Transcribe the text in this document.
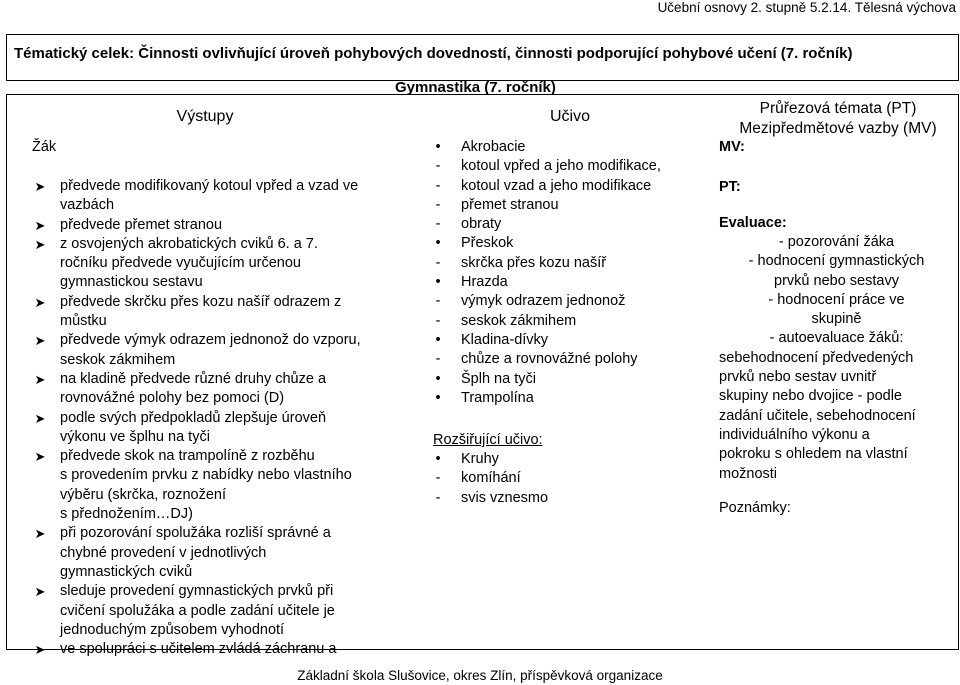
Učební osnovy 2. stupně 5.2.14. Tělesná výchova
Tématický celek: Činnosti ovlivňující úroveň pohybových dovedností, činnosti podporující pohybové učení (7. ročník)
Gymnastika (7. ročník)
Výstupy	Učivo	Průřezová témata (PT)
Mezipředmětové vazby (MV)
Žák
➤ předvede modifikovaný kotoul vpřed a vzad ve
vazbách
➤ předvede přemet stranou
➤ z osvojených akrobatických cviků 6. a 7.
ročníku předvede vyučujícím určenou
gymnastickou sestavu
➤ předvede skrčku přes kozu našíř odrazem z
můstku
➤ předvede výmyk odrazem jednonož do vzporu,
seskok zákmihem
➤ na kladině předvede různé druhy chůze a
rovnovážné polohy bez pomoci (D)
➤ podle svých předpokladů zlepšuje úroveň
výkonu ve šplhu na tyči
➤ předvede skok na trampolíně z rozběhu
s provedením prvku z nabídky nebo vlastního
výběru (skrčka, roznožení
s přednožením…DJ)
➤ při pozorování spolužáka rozliší správné a
chybné provedení v jednotlivých
gymnastických cviků
➤ sleduje provedení gymnastických prvků při
cvičení spolužáka a podle zadání učitele je
jednoduchým způsobem vyhodnotí
➤ ve spolupráci s učitelem zvládá záchranu a
• Akrobacie
- kotoul vpřed a jeho modifikace,
- kotoul vzad a jeho modifikace
- přemet stranou
- obraty
• Přeskok
- skrčka přes kozu našíř
• Hrazda
- výmyk odrazem jednonož
- seskok zákmihem
• Kladina-dívky
- chůze a rovnovážné polohy
• Šplh na tyči
• Trampolína
Rozšiřující učivo:
• Kruhy
- komíhání
- svis vznesmo
MV:
PT:
Evaluace:
- pozorování žáka
- hodnocení gymnastických
prvků nebo sestavy
- hodnocení práce ve
skupině
- autoevaluace žáků:
sebehodnocení předvedených
prvků nebo sestav uvnitř
skupiny nebo dvojice - podle
zadání učitele, sebehodnocení
individuálního výkonu a
pokroku s ohledem na vlastní
možnosti
Poznámky:
Základní škola Slušovice, okres Zlín, příspěvková organizace
